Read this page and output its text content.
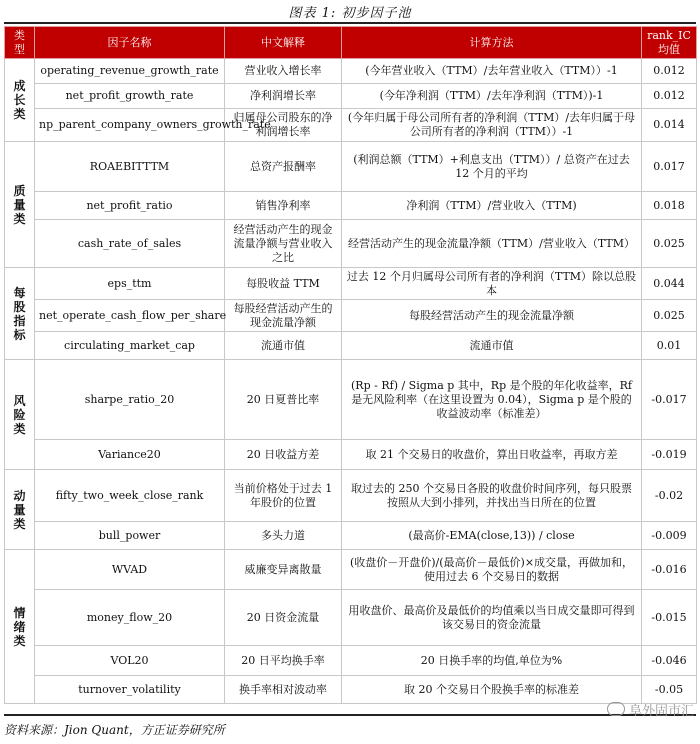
图表 1: 初步因子池
类型	因子名称	中文解释	计算方法	rank_IC 均值
成长类	operating_revenue_growth_rate	营业收入增长率	(今年营业收入（TTM）/去年营业收入（TTM））-1	0.012
	net_profit_growth_rate	净利润增长率	(今年净利润（TTM）/去年净利润（TTM）)-1	0.012
	np_parent_company_owners_growth_rate	归属母公司股东的净利润增长率	(今年归属于母公司所有者的净利润（TTM）/去年归属于母公司所有者的净利润（TTM））-1	0.014
质量类	ROAEBITTTM	总资产报酬率	(利润总额（TTM）+利息支出（TTM））/ 总资产在过去 12 个月的平均	0.017
	net_profit_ratio	销售净利率	净利润（TTM）/营业收入（TTM)	0.018
	cash_rate_of_sales	经营活动产生的现金流量净额与营业收入之比	经营活动产生的现金流量净额（TTM）/营业收入（TTM）	0.025
每股指标	eps_ttm	每股收益 TTM	过去 12 个月归属母公司所有者的净利润（TTM）除以总股本	0.044
	net_operate_cash_flow_per_share	每股经营活动产生的现金流量净额	每股经营活动产生的现金流量净额	0.025
	circulating_market_cap	流通市值	流通市值	0.01
风险类	sharpe_ratio_20	20 日夏普比率	(Rp - Rf) / Sigma p 其中，Rp 是个股的年化收益率，Rf 是无风险利率（在这里设置为 0.04），Sigma p 是个股的收益波动率（标准差）	-0.017
	Variance20	20 日收益方差	取 21 个交易日的收盘价，算出日收益率，再取方差	-0.019
动量类	fifty_two_week_close_rank	当前价格处于过去 1 年股价的位置	取过去的 250 个交易日各股的收盘价时间序列，每只股票按照从大到小排列，并找出当日所在的位置	-0.02
	bull_power	多头力道	(最高价-EMA(close,13)) / close	-0.009
情绪类	WVAD	威廉变异离散量	(收盘价－开盘价)/(最高价－最低价)×成交量，再做加和，使用过去 6 个交易日的数据	-0.016
	money_flow_20	20 日资金流量	用收盘价、最高价及最低价的均值乘以当日成交量即可得到该交易日的资金流量	-0.015
	VOL20	20 日平均换手率	20 日换手率的均值,单位为%	-0.046
	turnover_volatility	换手率相对波动率	取 20 个交易日个股换手率的标准差	-0.05
资料来源：Jion Quant，方正证券研究所
阜外固市汇
